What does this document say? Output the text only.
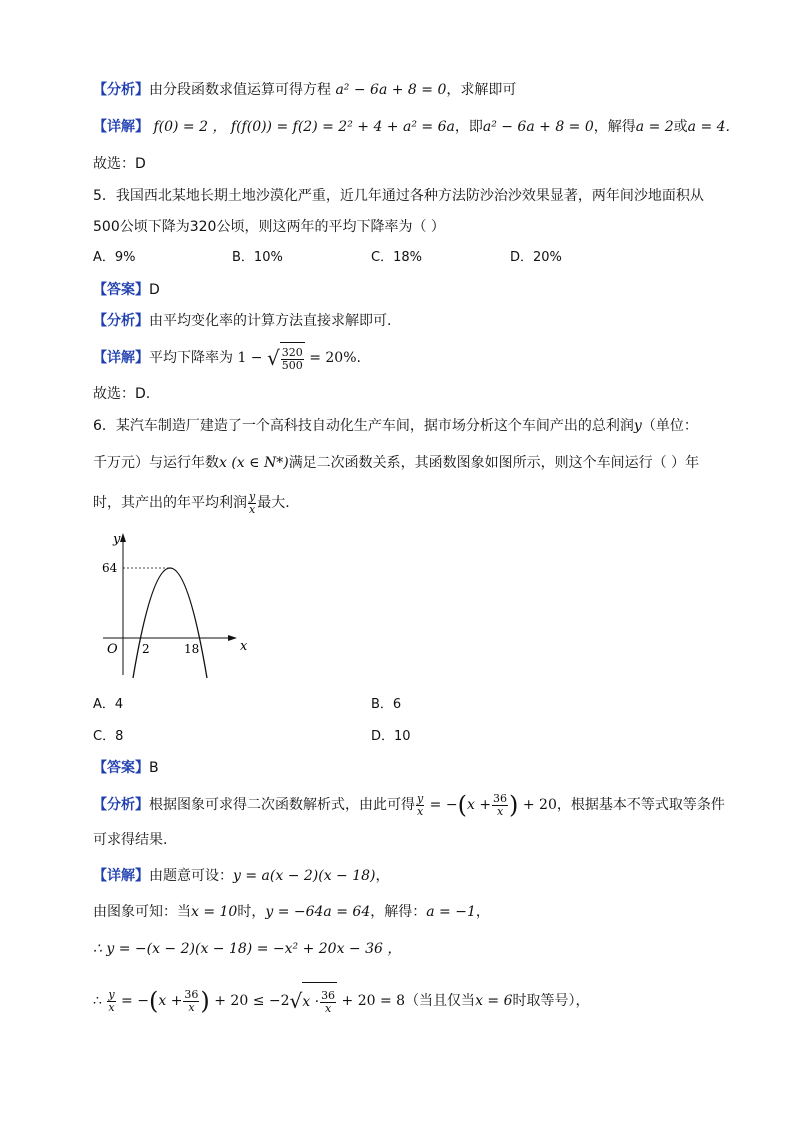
【分析】由分段函数求值运算可得方程 a² − 6a + 8 = 0，求解即可
【详解】 f(0) = 2 ， f(f(0)) = f(2) = 2² + 4 + a² = 6a，即a² − 6a + 8 = 0，解得a = 2或a = 4.
故选：D
5．我国西北某地长期土地沙漠化严重，近几年通过各种方法防沙治沙效果显著，两年间沙地面积从
500公顷下降为320公顷，则这两年的平均下降率为（ ）
A．9%	B．10%	C．18%	D．20%
【答案】D
【分析】由平均变化率的计算方法直接求解即可.
【详解】平均下降率为 1 − √ $\frac{320}{500} = 20\%$.
故选：D.
6．某汽车制造厂建造了一个高科技自动化生产车间，据市场分析这个车间产出的总利润y（单位：
千万元）与运行年数x (x ∈ N*)满足二次函数关系，其函数图象如图所示，则这个车间运行（ ）年
时，其产出的年平均利润 $\frac{y}{x}$ 最大.
y
x
O
64
2	18
A．4	B．6
C．8	D．10
【答案】B
【分析】根据图象可求得二次函数解析式，由此可得 $\frac{y}{x} = -(x + \frac{36}{x}$ ) + 20，根据基本不等式取等条件
可求得结果.
【详解】由题意可设：y = a(x − 2)(x − 18)，
由图象可知：当x = 10时，y = −64a = 64，解得：a = −1，
∴ y = −(x − 2)(x − 18) = −x² + 20x − 36 ，
∴ $\frac{y}{x} = -(x + \frac{36}{x}$ ) + $20 \le -2√x \cdot \frac{36}{x} + 20 = 8$（当且仅当x = 6时取等号），
